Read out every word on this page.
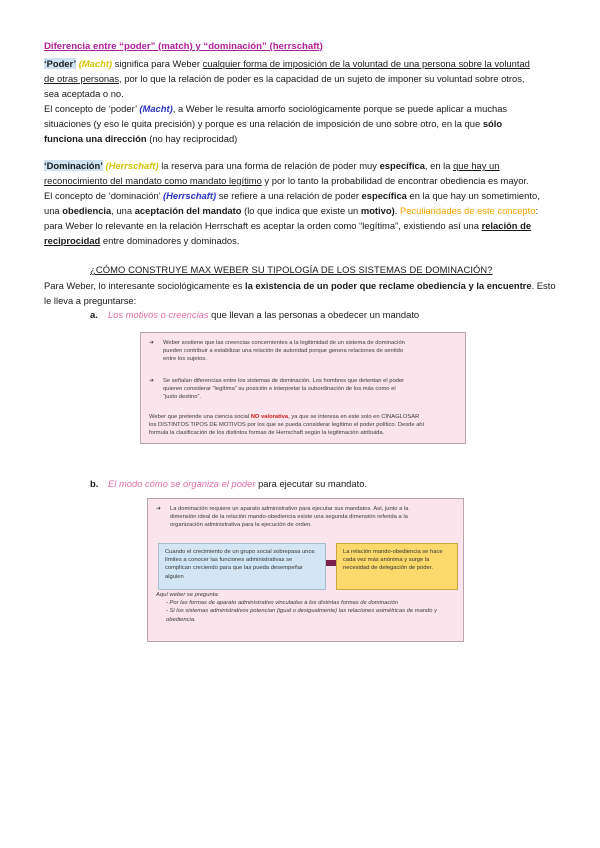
Diferencia entre “poder” (match) y “dominación” (herrschaft)
‘Poder’ (Macht) significa para Weber cualquier forma de imposición de la voluntad de una persona sobre la voluntad
de otras personas, por lo que la relación de poder es la capacidad de un sujeto de imponer su voluntad sobre otros,
sea aceptada o no.
El concepto de ‘poder’ (Macht), a Weber le resulta amorfo sociológicamente porque se puede aplicar a muchas
situaciones (y eso le quita precisión) y porque es una relación de imposición de uno sobre otro, en la que sólo
funciona una dirección (no hay reciprocidad)
‘Dominación’ (Herrschaft) la reserva para una forma de relación de poder muy específica, en la que hay un
reconocimiento del mandato como mandato legítimo y por lo tanto la probabilidad de encontrar obediencia es mayor.
El concepto de ‘dominación’ (Herrschaft) se refiere a una relación de poder específica en la que hay un sometimiento,
una obediencia, una aceptación del mandato (lo que indica que existe un motivo). Peculiaridades de este concepto:
para Weber lo relevante en la relación Herrschaft es aceptar la orden como “legítima”, existiendo así una relación de
reciprocidad entre dominadores y dominados.
¿CÓMO CONSTRUYE MAX WEBER SU TIPOLOGÍA DE LOS SISTEMAS DE DOMINACIÓN?
Para Weber, lo interesante sociológicamente es la existencia de un poder que reclame obediencia y la encuentre. Esto
le lleva a preguntarse:
a. Los motivos o creencias que llevan a las personas a obedecer un mandato
➔ Weber sostiene que las creencias concernientes a la legitimidad de un sistema de dominación
pueden contribuir a estabilizar una relación de autoridad porque genera relaciones de sentido
entre los sujetos.
➔ Se señalan diferencias entre los sistemas de dominación. Los hombres que detentan el poder
quieren considerar “legítima” su posición e interpretar la subordinación de los más como el
“justo destino”.
Weber que pretende una ciencia social NO valorativa, ya que se interesa en este solo en CINAGLOSAR
los DISTINTOS TIPOS DE MOTIVOS por los que se pueda considerar legítimo el poder político. Desde ahí
formula la clasificación de los distintos formas de Herrschaft según la legitimación atribuida.
b. El modo cómo se organiza el poder para ejecutar su mandato.
➔ La dominación requiere un aparato administrativo para ejecutar sus mandatos. Así, junto a la
dimensión ideal de la relación mando-obediencia existe una segunda dimensión referida a la
organización administrativa para la ejecución de orden.
Cuando el crecimiento de un grupo social sobrepasa unos límites a conocer las funciones administrativas se complican creciendo para que las pueda desempeñar alguien
La relación mando-obediencia se hace cada vez más anónima y surge la necesidad de delegación de poder.
Aquí weber se pregunta:
- Por las formas de aparato administrativo vinculadas a los distintas formas de dominación
- Si los sistemas administrativos potencian (igual o desigualmente) las relaciones asimétricas de mando y obediencia.
